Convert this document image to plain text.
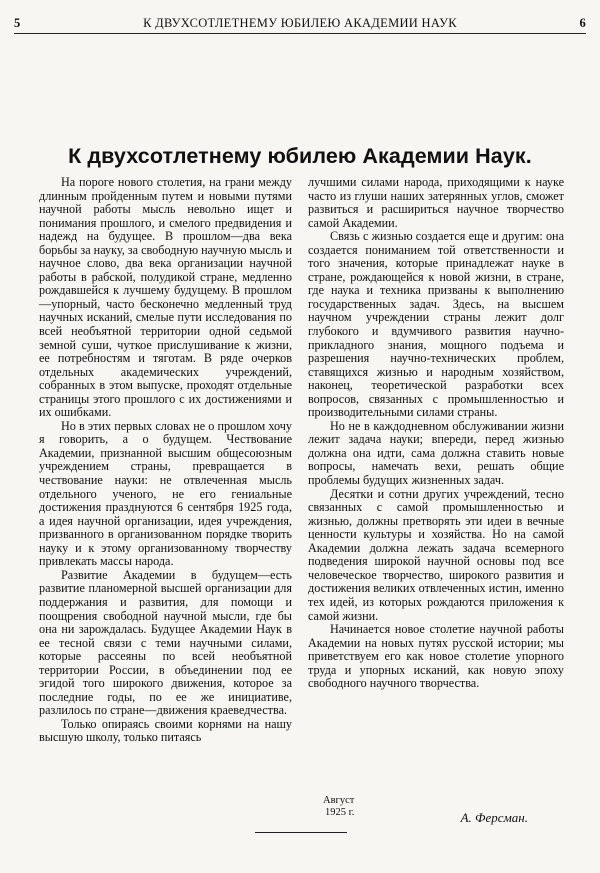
5	К ДВУХСОТЛЕТНЕМУ ЮБИЛЕЮ АКАДЕМИИ НАУК	6
К двухсотлетнему юбилею Академии Наук.

На пороге нового столетия, на грани между длинным пройденным путем и новыми путями научной работы мысль невольно ищет и понимания прошлого, и смелого предвидения и надежд на будущее. В прошлом—два века борьбы за науку, за свободную научную мысль и научное слово, два века организации научной работы в рабской, полудикой стране, медленно рождавшейся к лучшему будущему. В прошлом—упорный, часто бесконечно медленный труд научных исканий, смелые пути исследования по всей необъятной территории одной седьмой земной суши, чуткое прислушивание к жизни, ее потребностям и тяготам. В ряде очерков отдельных академических учреждений, собранных в этом выпуске, проходят отдельные страницы этого прошлого с их достижениями и их ошибками.

Но в этих первых словах не о прошлом хочу я говорить, а о будущем. Чествование Академии, признанной высшим общесоюзным учреждением страны, превращается в чествование науки: не отвлеченная мысль отдельного ученого, не его гениальные достижения празднуются 6 сентября 1925 года, а идея научной организации, идея учреждения, призванного в организованном порядке творить науку и к этому организованному творчеству привлекать массы народа.

Развитие Академии в будущем—есть развитие планомерной высшей организации для поддержания и развития, для помощи и поощрения свободной научной мысли, где бы она ни зарождалась. Будущее Академии Наук в ее тесной связи с теми научными силами, которые рассеяны по всей необъятной территории России, в объединении под ее эгидой того широкого движения, которое за последние годы, по ее же инициативе, разлилось по стране—движения краеведчества.

Только опираясь своими корнями на нашу высшую школу, только питаясь

лучшими силами народа, приходящими к науке часто из глуши наших затерянных углов, сможет развиться и расшириться научное творчество самой Академии.

Связь с жизнью создается еще и другим: она создается пониманием той ответственности и того значения, которые принадлежат науке в стране, рождающейся к новой жизни, в стране, где наука и техника призваны к выполнению государственных задач. Здесь, на высшем научном учреждении страны лежит долг глубокого и вдумчивого развития научно-прикладного знания, мощного подъема и разрешения научно-технических проблем, ставящихся жизнью и народным хозяйством, наконец, теоретической разработки всех вопросов, связанных с промышленностью и производительными силами страны.

Но не в каждодневном обслуживании жизни лежит задача науки; впереди, перед жизнью должна она идти, сама должна ставить новые вопросы, намечать вехи, решать общие проблемы будущих жизненных задач.

Десятки и сотни других учреждений, тесно связанных с самой промышленностью и жизнью, должны претворять эти идеи в вечные ценности культуры и хозяйства. Но на самой Академии должна лежать задача всемерного подведения широкой научной основы под все человеческое творчество, широкого развития и достижения великих отвлеченных истин, именно тех идей, из которых рождаются приложения к самой жизни.

Начинается новое столетие научной работы Академии на новых путях русской истории; мы приветствуем его как новое столетие упорного труда и упорных исканий, как новую эпоху свободного научного творчества.

Август
1925 г.	А. Ферсман.
